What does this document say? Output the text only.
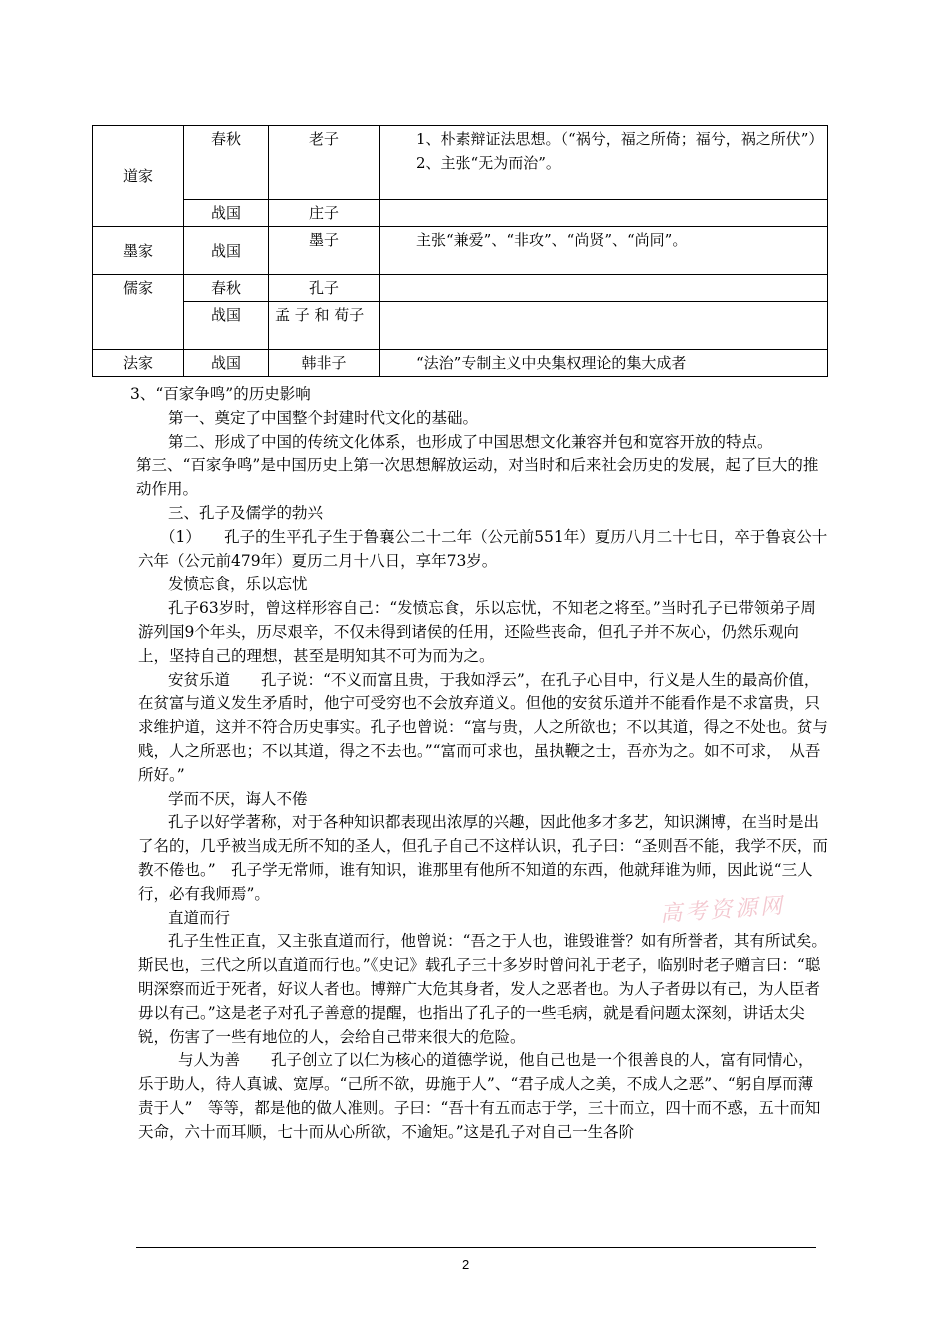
道家	春秋	老子	1、朴素辩证法思想。（“祸兮，福之所倚；福兮，祸之所伏”）
2、主张“无为而治”。

	战国	庄子	
墨家	战国	墨子	主张“兼爱”、“非攻”、“尚贤”、“尚同”。
儒家	春秋	孔子	
	战国	孟 子 和 荀子	
法家	战国	韩非子	“法治”专制主义中央集权理论的集大成者

3、“百家争鸣”的历史影响

第一、奠定了中国整个封建时代文化的基础。

第二、形成了中国的传统文化体系，也形成了中国思想文化兼容并包和宽容开放的特点。

第三、“百家争鸣”是中国历史上第一次思想解放运动，对当时和后来社会历史的发展，起了巨大的推动作用。

三、孔子及儒学的勃兴

（1）　　孔子的生平孔子生于鲁襄公二十二年（公元前551年）夏历八月二十七日，卒于鲁哀公十六年（公元前479年）夏历二月十八日，享年73岁。

发愤忘食，乐以忘忧

孔子63岁时，曾这样形容自己：“发愤忘食，乐以忘忧，不知老之将至。”当时孔子已带领弟子周游列国9个年头，历尽艰辛，不仅未得到诸侯的任用，还险些丧命，但孔子并不灰心，仍然乐观向上，坚持自己的理想，甚至是明知其不可为而为之。

安贫乐道　　孔子说：“不义而富且贵，于我如浮云”，在孔子心目中，行义是人生的最高价值，在贫富与道义发生矛盾时，他宁可受穷也不会放弃道义。但他的安贫乐道并不能看作是不求富贵，只求维护道，这并不符合历史事实。孔子也曾说：“富与贵，人之所欲也；不以其道，得之不处也。贫与贱，人之所恶也；不以其道，得之不去也。”“富而可求也，虽执鞭之士，吾亦为之。如不可求，　从吾所好。”

学而不厌，诲人不倦

孔子以好学著称，对于各种知识都表现出浓厚的兴趣，因此他多才多艺，知识渊博，在当时是出了名的，几乎被当成无所不知的圣人，但孔子自己不这样认识，孔子曰：“圣则吾不能，我学不厌，而教不倦也。”　孔子学无常师，谁有知识，谁那里有他所不知道的东西，他就拜谁为师，因此说“三人行，必有我师焉”。

直道而行

孔子生性正直，又主张直道而行，他曾说：“吾之于人也，谁毁谁誉？如有所誉者，其有所试矣。斯民也，三代之所以直道而行也。”《史记》载孔子三十多岁时曾问礼于老子，临别时老子赠言曰：“聪明深察而近于死者，好议人者也。博辩广大危其身者，发人之恶者也。为人子者毋以有己，为人臣者毋以有己。”这是老子对孔子善意的提醒，也指出了孔子的一些毛病，就是看问题太深刻，讲话太尖锐，伤害了一些有地位的人，会给自己带来很大的危险。

与人为善　　孔子创立了以仁为核心的道德学说，他自己也是一个很善良的人，富有同情心，乐于助人，待人真诚、宽厚。“己所不欲，毋施于人”、“君子成人之美，不成人之恶”、“躬自厚而薄责于人”　等等，都是他的做人准则。子曰：“吾十有五而志于学，三十而立，四十而不惑，五十而知天命，六十而耳顺，七十而从心所欲，不逾矩。”这是孔子对自己一生各阶

高考资源网
2
